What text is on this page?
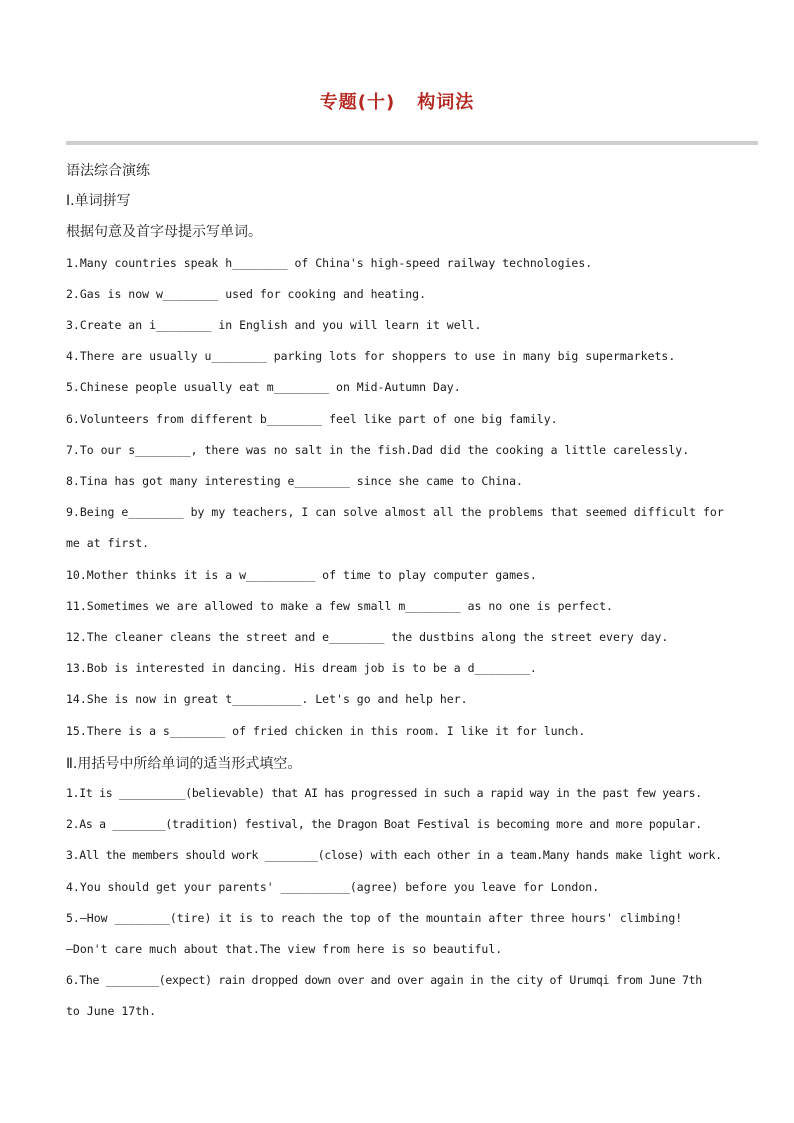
专题(十) 构词法
语法综合演练
Ⅰ.单词拼写
根据句意及首字母提示写单词。
1.Many countries speak h________ of China's high-speed railway technologies.
2.Gas is now w________ used for cooking and heating.
3.Create an i________ in English and you will learn it well.
4.There are usually u________ parking lots for shoppers to use in many big supermarkets.
5.Chinese people usually eat m________ on Mid-Autumn Day.
6.Volunteers from different b________ feel like part of one big family.
7.To our s________, there was no salt in the fish.Dad did the cooking a little carelessly.
8.Tina has got many interesting e________ since she came to China.
9.Being e________ by my teachers, I can solve almost all the problems that seemed difficult for
me at first.
10.Mother thinks it is a w__________ of time to play computer games.
11.Sometimes we are allowed to make a few small m________ as no one is perfect.
12.The cleaner cleans the street and e________ the dustbins along the street every day.
13.Bob is interested in dancing. His dream job is to be a d________.
14.She is now in great t__________. Let's go and help her.
15.There is a s________ of fried chicken in this room. I like it for lunch.
Ⅱ.用括号中所给单词的适当形式填空。
1.It is __________(believable) that AI has progressed in such a rapid way in the past few years.
2.As a ________(tradition) festival, the Dragon Boat Festival is becoming more and more popular.
3.All the members should work ________(close) with each other in a team.Many hands make light work.
4.You should get your parents' __________(agree) before you leave for London.
5.—How ________(tire) it is to reach the top of the mountain after three hours' climbing!
—Don't care much about that.The view from here is so beautiful.
6.The ________(expect) rain dropped down over and over again in the city of Urumqi from June 7th
to June 17th.
